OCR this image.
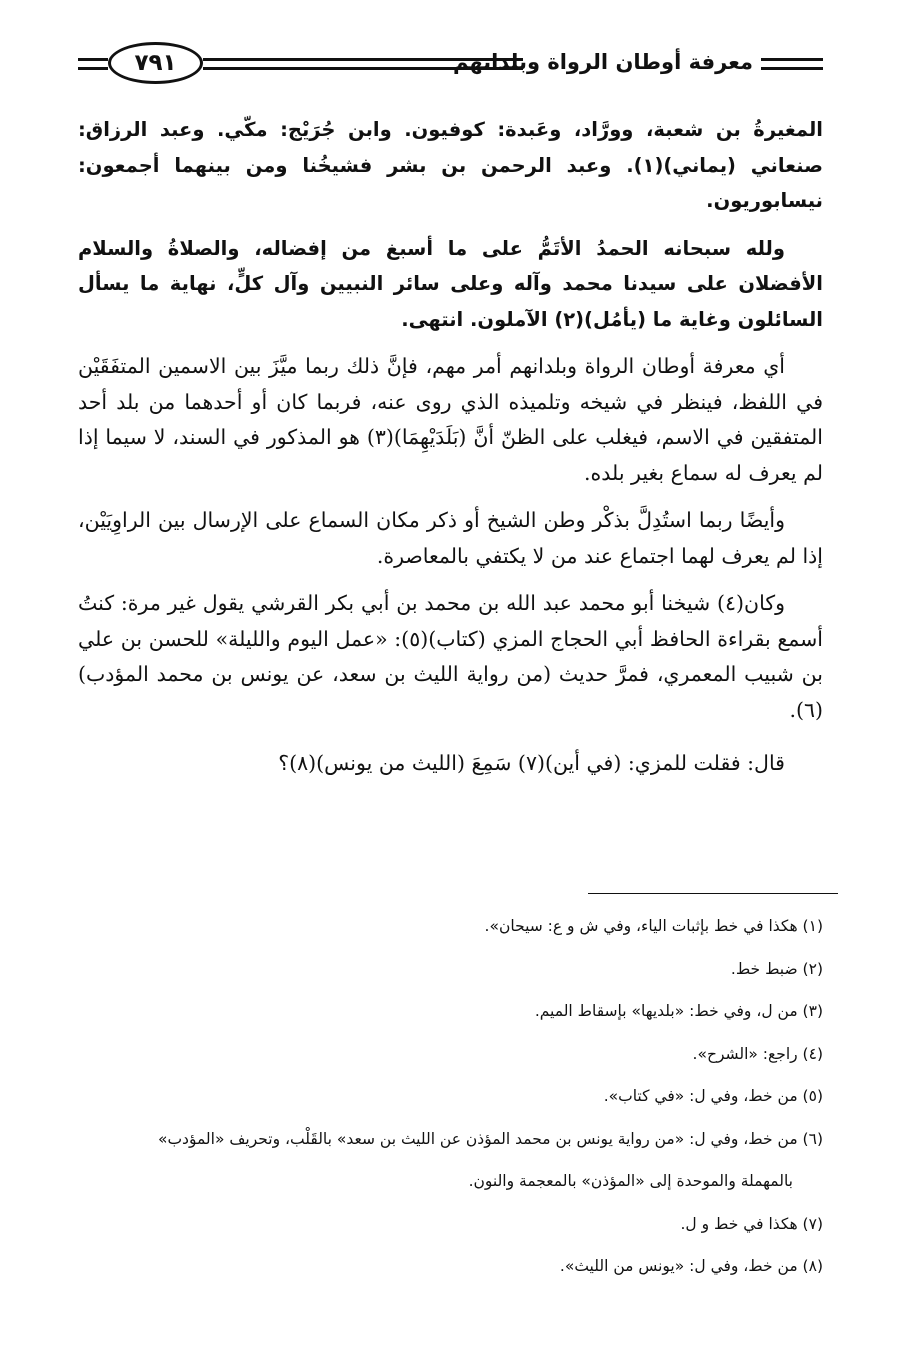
معرفة أوطان الرواة وبلدانهم
٧٩١

المغيرةُ بن شعبة، وورَّاد، وعَبدة: كوفيون. وابن جُرَيْج: مكّي. وعبد الرزاق: صنعاني (يماني)(١). وعبد الرحمن بن بشر فشيخُنا ومن بينهما أجمعون: نيسابوريون.

ولله سبحانه الحمدُ الأتَمُّ على ما أسبغ من إفضاله، والصلاةُ والسلام الأفضلان على سيدنا محمد وآله وعلى سائر النبيين وآل كلٍّ، نهاية ما يسأل السائلون وغاية ما (يأمُل)(٢) الآملون. انتهى.

أي معرفة أوطان الرواة وبلدانهم أمر مهم، فإنَّ ذلك ربما ميَّزَ بين الاسمين المتفَقَيْن في اللفظ، فينظر في شيخه وتلميذه الذي روى عنه، فربما كان أو أحدهما من بلد أحد المتفقين في الاسم، فيغلب على الظنّ أنَّ (بَلَدَيْهِمَا)(٣) هو المذكور في السند، لا سيما إذا لم يعرف له سماع بغير بلده.

وأيضًا ربما استُدِلَّ بذكْر وطن الشيخ أو ذكر مكان السماع على الإرسال بين الراوِيَيْن، إذا لم يعرف لهما اجتماع عند من لا يكتفي بالمعاصرة.

وكان(٤) شيخنا أبو محمد عبد الله بن محمد بن أبي بكر القرشي يقول غير مرة: كنتُ أسمع بقراءة الحافظ أبي الحجاج المزي (كتاب)(٥): «عمل اليوم والليلة» للحسن بن علي بن شبيب المعمري، فمرَّ حديث (من رواية الليث بن سعد، عن يونس بن محمد المؤدب)(٦).

قال: فقلت للمزي: (في أين)(٧) سَمِعَ (الليث من يونس)(٨)؟

(١) هكذا في خط بإثبات الياء، وفي ش و ع: سيحان».

(٢) ضبط خط.

(٣) من ل، وفي خط: «بلديها» بإسقاط الميم.

(٤) راجع: «الشرح».

(٥) من خط، وفي ل: «في كتاب».

(٦) من خط، وفي ل: «من رواية يونس بن محمد المؤذن عن الليث بن سعد» بالقَلْب، وتحريف «المؤدب»

بالمهملة والموحدة إلى «المؤذن» بالمعجمة والنون.

(٧) هكذا في خط و ل.

(٨) من خط، وفي ل: «يونس من الليث».
